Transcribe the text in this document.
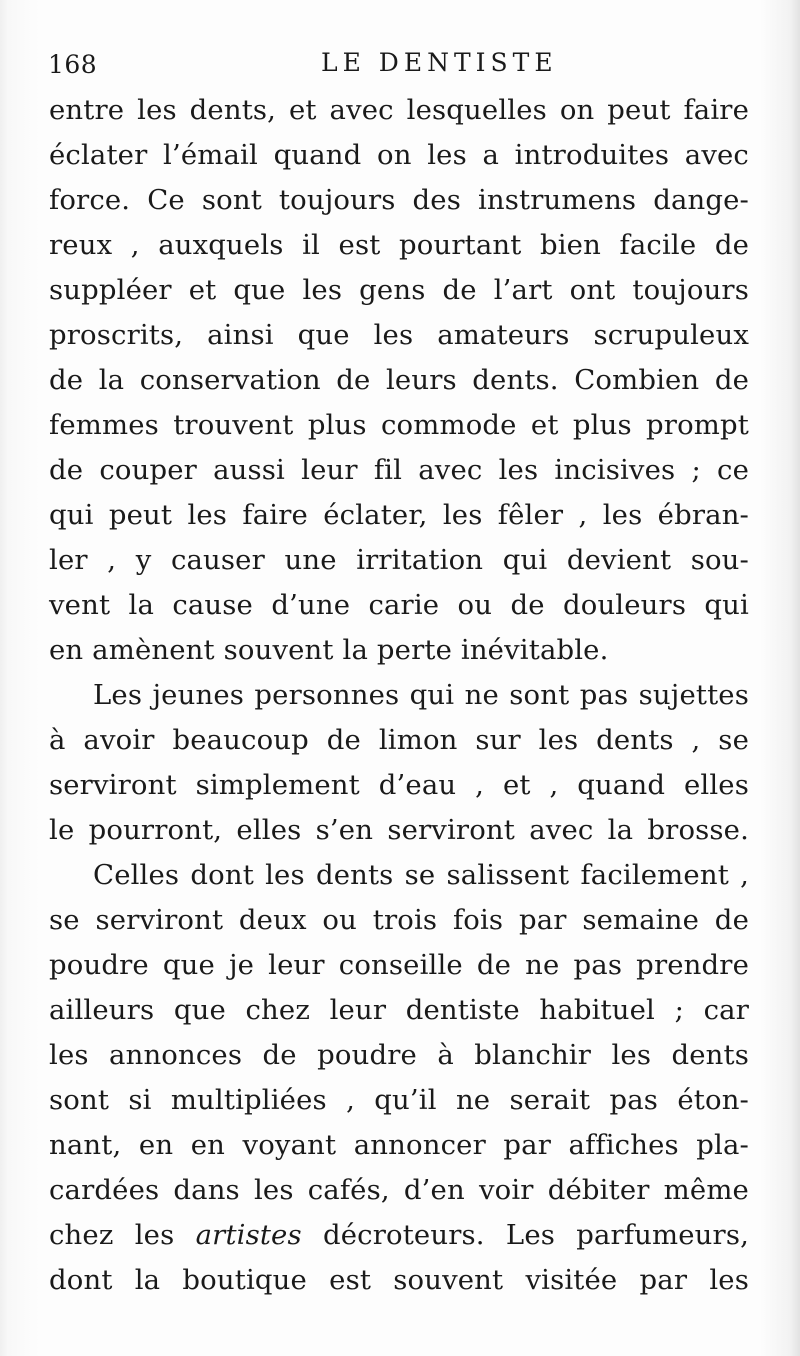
168	LE DENTISTE
entre les dents, et avec lesquelles on peut faire
éclater l’émail quand on les a introduites avec
force. Ce sont toujours des instrumens dange-
reux , auxquels il est pourtant bien facile de
suppléer et que les gens de l’art ont toujours
proscrits, ainsi que les amateurs scrupuleux
de la conservation de leurs dents. Combien de
femmes trouvent plus commode et plus prompt
de couper aussi leur fil avec les incisives ; ce
qui peut les faire éclater, les fêler , les ébran-
ler , y causer une irritation qui devient sou-
vent la cause d’une carie ou de douleurs qui
en amènent souvent la perte inévitable.
Les jeunes personnes qui ne sont pas sujettes
à avoir beaucoup de limon sur les dents , se
serviront simplement d’eau , et , quand elles
le pourront, elles s’en serviront avec la brosse.
Celles dont les dents se salissent facilement ,
se serviront deux ou trois fois par semaine de
poudre que je leur conseille de ne pas prendre
ailleurs que chez leur dentiste habituel ; car
les annonces de poudre à blanchir les dents
sont si multipliées , qu’il ne serait pas éton-
nant, en en voyant annoncer par affiches pla-
cardées dans les cafés, d’en voir débiter même
chez les artistes décroteurs. Les parfumeurs,
dont la boutique est souvent visitée par les
